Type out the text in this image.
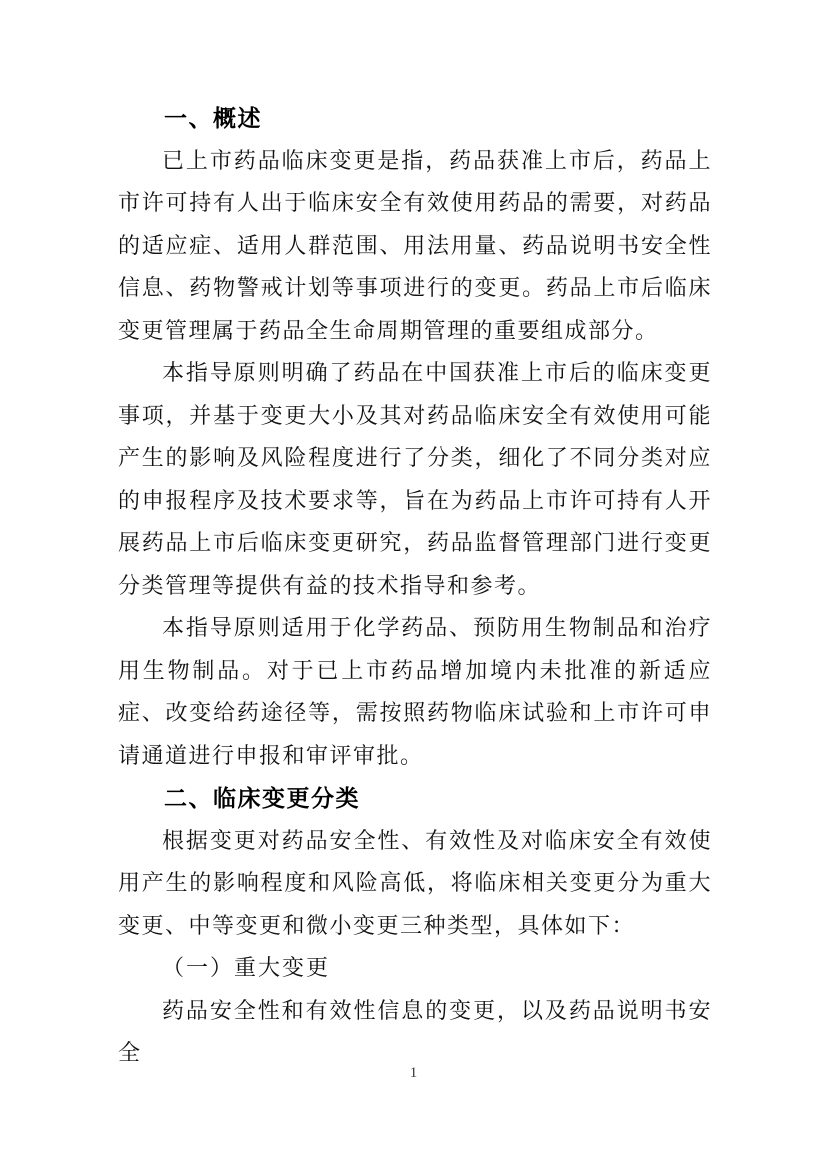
一、概述
已上市药品临床变更是指，药品获准上市后，药品上市许可持有人出于临床安全有效使用药品的需要，对药品的适应症、适用人群范围、用法用量、药品说明书安全性信息、药物警戒计划等事项进行的变更。药品上市后临床变更管理属于药品全生命周期管理的重要组成部分。
本指导原则明确了药品在中国获准上市后的临床变更事项，并基于变更大小及其对药品临床安全有效使用可能产生的影响及风险程度进行了分类，细化了不同分类对应的申报程序及技术要求等，旨在为药品上市许可持有人开展药品上市后临床变更研究，药品监督管理部门进行变更分类管理等提供有益的技术指导和参考。
本指导原则适用于化学药品、预防用生物制品和治疗用生物制品。对于已上市药品增加境内未批准的新适应症、改变给药途径等，需按照药物临床试验和上市许可申请通道进行申报和审评审批。
二、临床变更分类
根据变更对药品安全性、有效性及对临床安全有效使用产生的影响程度和风险高低，将临床相关变更分为重大变更、中等变更和微小变更三种类型，具体如下：
（一）重大变更
药品安全性和有效性信息的变更，以及药品说明书安全
1
